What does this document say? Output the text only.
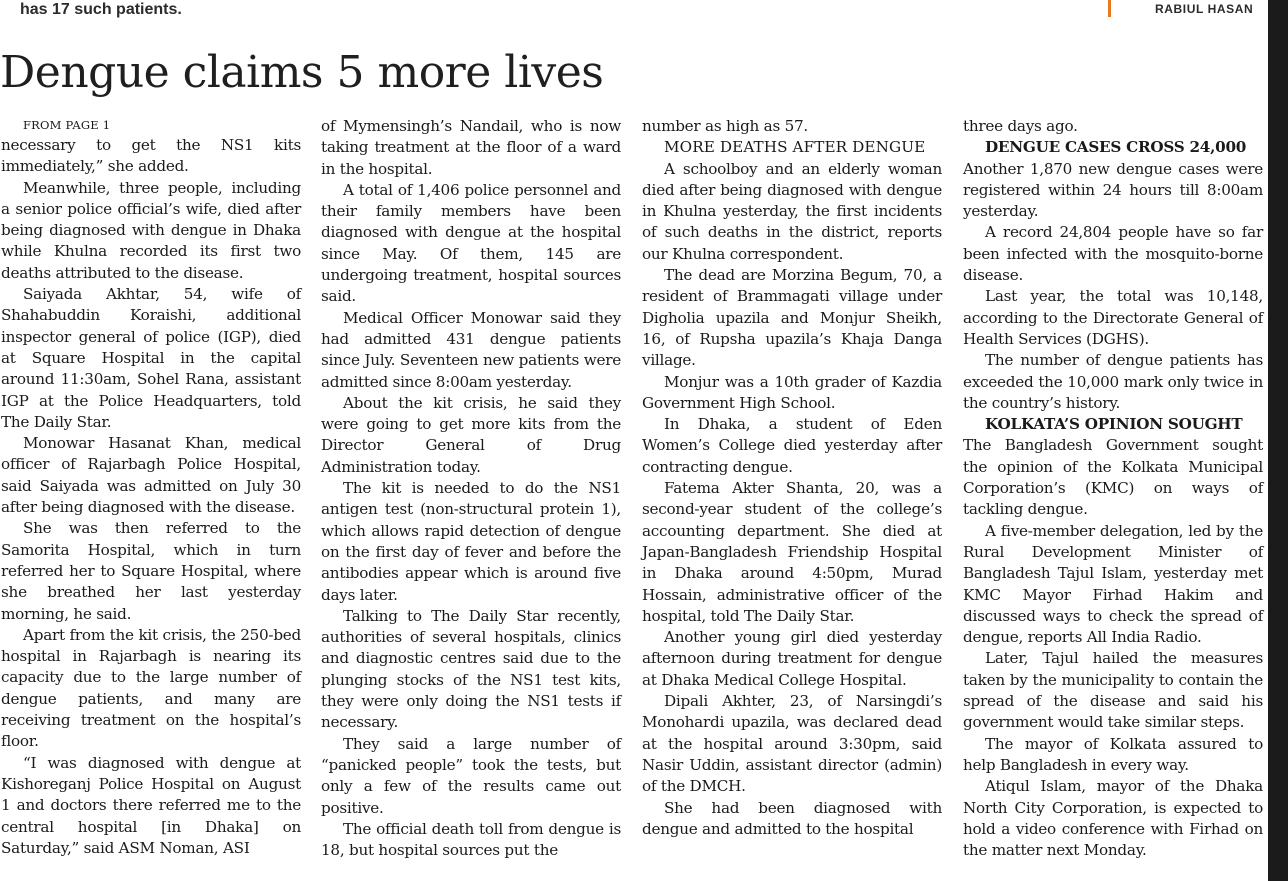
has 17 such patients.	RABIUL HASAN

Dengue claims 5 more lives

FROM PAGE 1

necessary to get the NS1 kits immediately,” she added.

Meanwhile, three people, including a senior police official’s wife, died after being diagnosed with dengue in Dhaka while Khulna recorded its first two deaths attributed to the disease.

Saiyada Akhtar, 54, wife of Shahabuddin Koraishi, additional inspector general of police (IGP), died at Square Hospital in the capital around 11:30am, Sohel Rana, assistant IGP at the Police Headquarters, told The Daily Star.

Monowar Hasanat Khan, medical officer of Rajarbagh Police Hospital, said Saiyada was admitted on July 30 after being diagnosed with the disease.

She was then referred to the Samorita Hospital, which in turn referred her to Square Hospital, where she breathed her last yesterday morning, he said.

Apart from the kit crisis, the 250-bed hospital in Rajarbagh is nearing its capacity due to the large number of dengue patients, and many are receiving treatment on the hospital’s floor.

“I was diagnosed with dengue at Kishoreganj Police Hospital on August 1 and doctors there referred me to the central hospital [in Dhaka] on Saturday,” said ASM Noman, ASI

of Mymensingh’s Nandail, who is now taking treatment at the floor of a ward in the hospital.

A total of 1,406 police personnel and their family members have been diagnosed with dengue at the hospital since May. Of them, 145 are undergoing treatment, hospital sources said.

Medical Officer Monowar said they had admitted 431 dengue patients since July. Seventeen new patients were admitted since 8:00am yesterday.

About the kit crisis, he said they were going to get more kits from the Director General of Drug Administration today.

The kit is needed to do the NS1 antigen test (non-structural protein 1), which allows rapid detection of dengue on the first day of fever and before the antibodies appear which is around five days later.

Talking to The Daily Star recently, authorities of several hospitals, clinics and diagnostic centres said due to the plunging stocks of the NS1 test kits, they were only doing the NS1 tests if necessary.

They said a large number of “panicked people” took the tests, but only a few of the results came out positive.

The official death toll from dengue is 18, but hospital sources put the

number as high as 57.

MORE DEATHS AFTER DENGUE

A schoolboy and an elderly woman died after being diagnosed with dengue in Khulna yesterday, the first incidents of such deaths in the district, reports our Khulna correspondent.

The dead are Morzina Begum, 70, a resident of Brammagati village under Digholia upazila and Monjur Sheikh, 16, of Rupsha upazila’s Khaja Danga village.

Monjur was a 10th grader of Kazdia Government High School.

In Dhaka, a student of Eden Women’s College died yesterday after contracting dengue.

Fatema Akter Shanta, 20, was a second-year student of the college’s accounting department. She died at Japan-Bangladesh Friendship Hospital in Dhaka around 4:50pm, Murad Hossain, administrative officer of the hospital, told The Daily Star.

Another young girl died yesterday afternoon during treatment for dengue at Dhaka Medical College Hospital.

Dipali Akhter, 23, of Narsingdi’s Monohardi upazila, was declared dead at the hospital around 3:30pm, said Nasir Uddin, assistant director (admin) of the DMCH.

She had been diagnosed with dengue and admitted to the hospital

three days ago.

DENGUE CASES CROSS 24,000

Another 1,870 new dengue cases were registered within 24 hours till 8:00am yesterday.

A record 24,804 people have so far been infected with the mosquito-borne disease.

Last year, the total was 10,148, according to the Directorate General of Health Services (DGHS).

The number of dengue patients has exceeded the 10,000 mark only twice in the country’s history.

KOLKATA’S OPINION SOUGHT

The Bangladesh Government sought the opinion of the Kolkata Municipal Corporation’s (KMC) on ways of tackling dengue.

A five-member delegation, led by the Rural Development Minister of Bangladesh Tajul Islam, yesterday met KMC Mayor Firhad Hakim and discussed ways to check the spread of dengue, reports All India Radio.

Later, Tajul hailed the measures taken by the municipality to contain the spread of the disease and said his government would take similar steps.

The mayor of Kolkata assured to help Bangladesh in every way.

Atiqul Islam, mayor of the Dhaka North City Corporation, is expected to hold a video conference with Firhad on the matter next Monday.
